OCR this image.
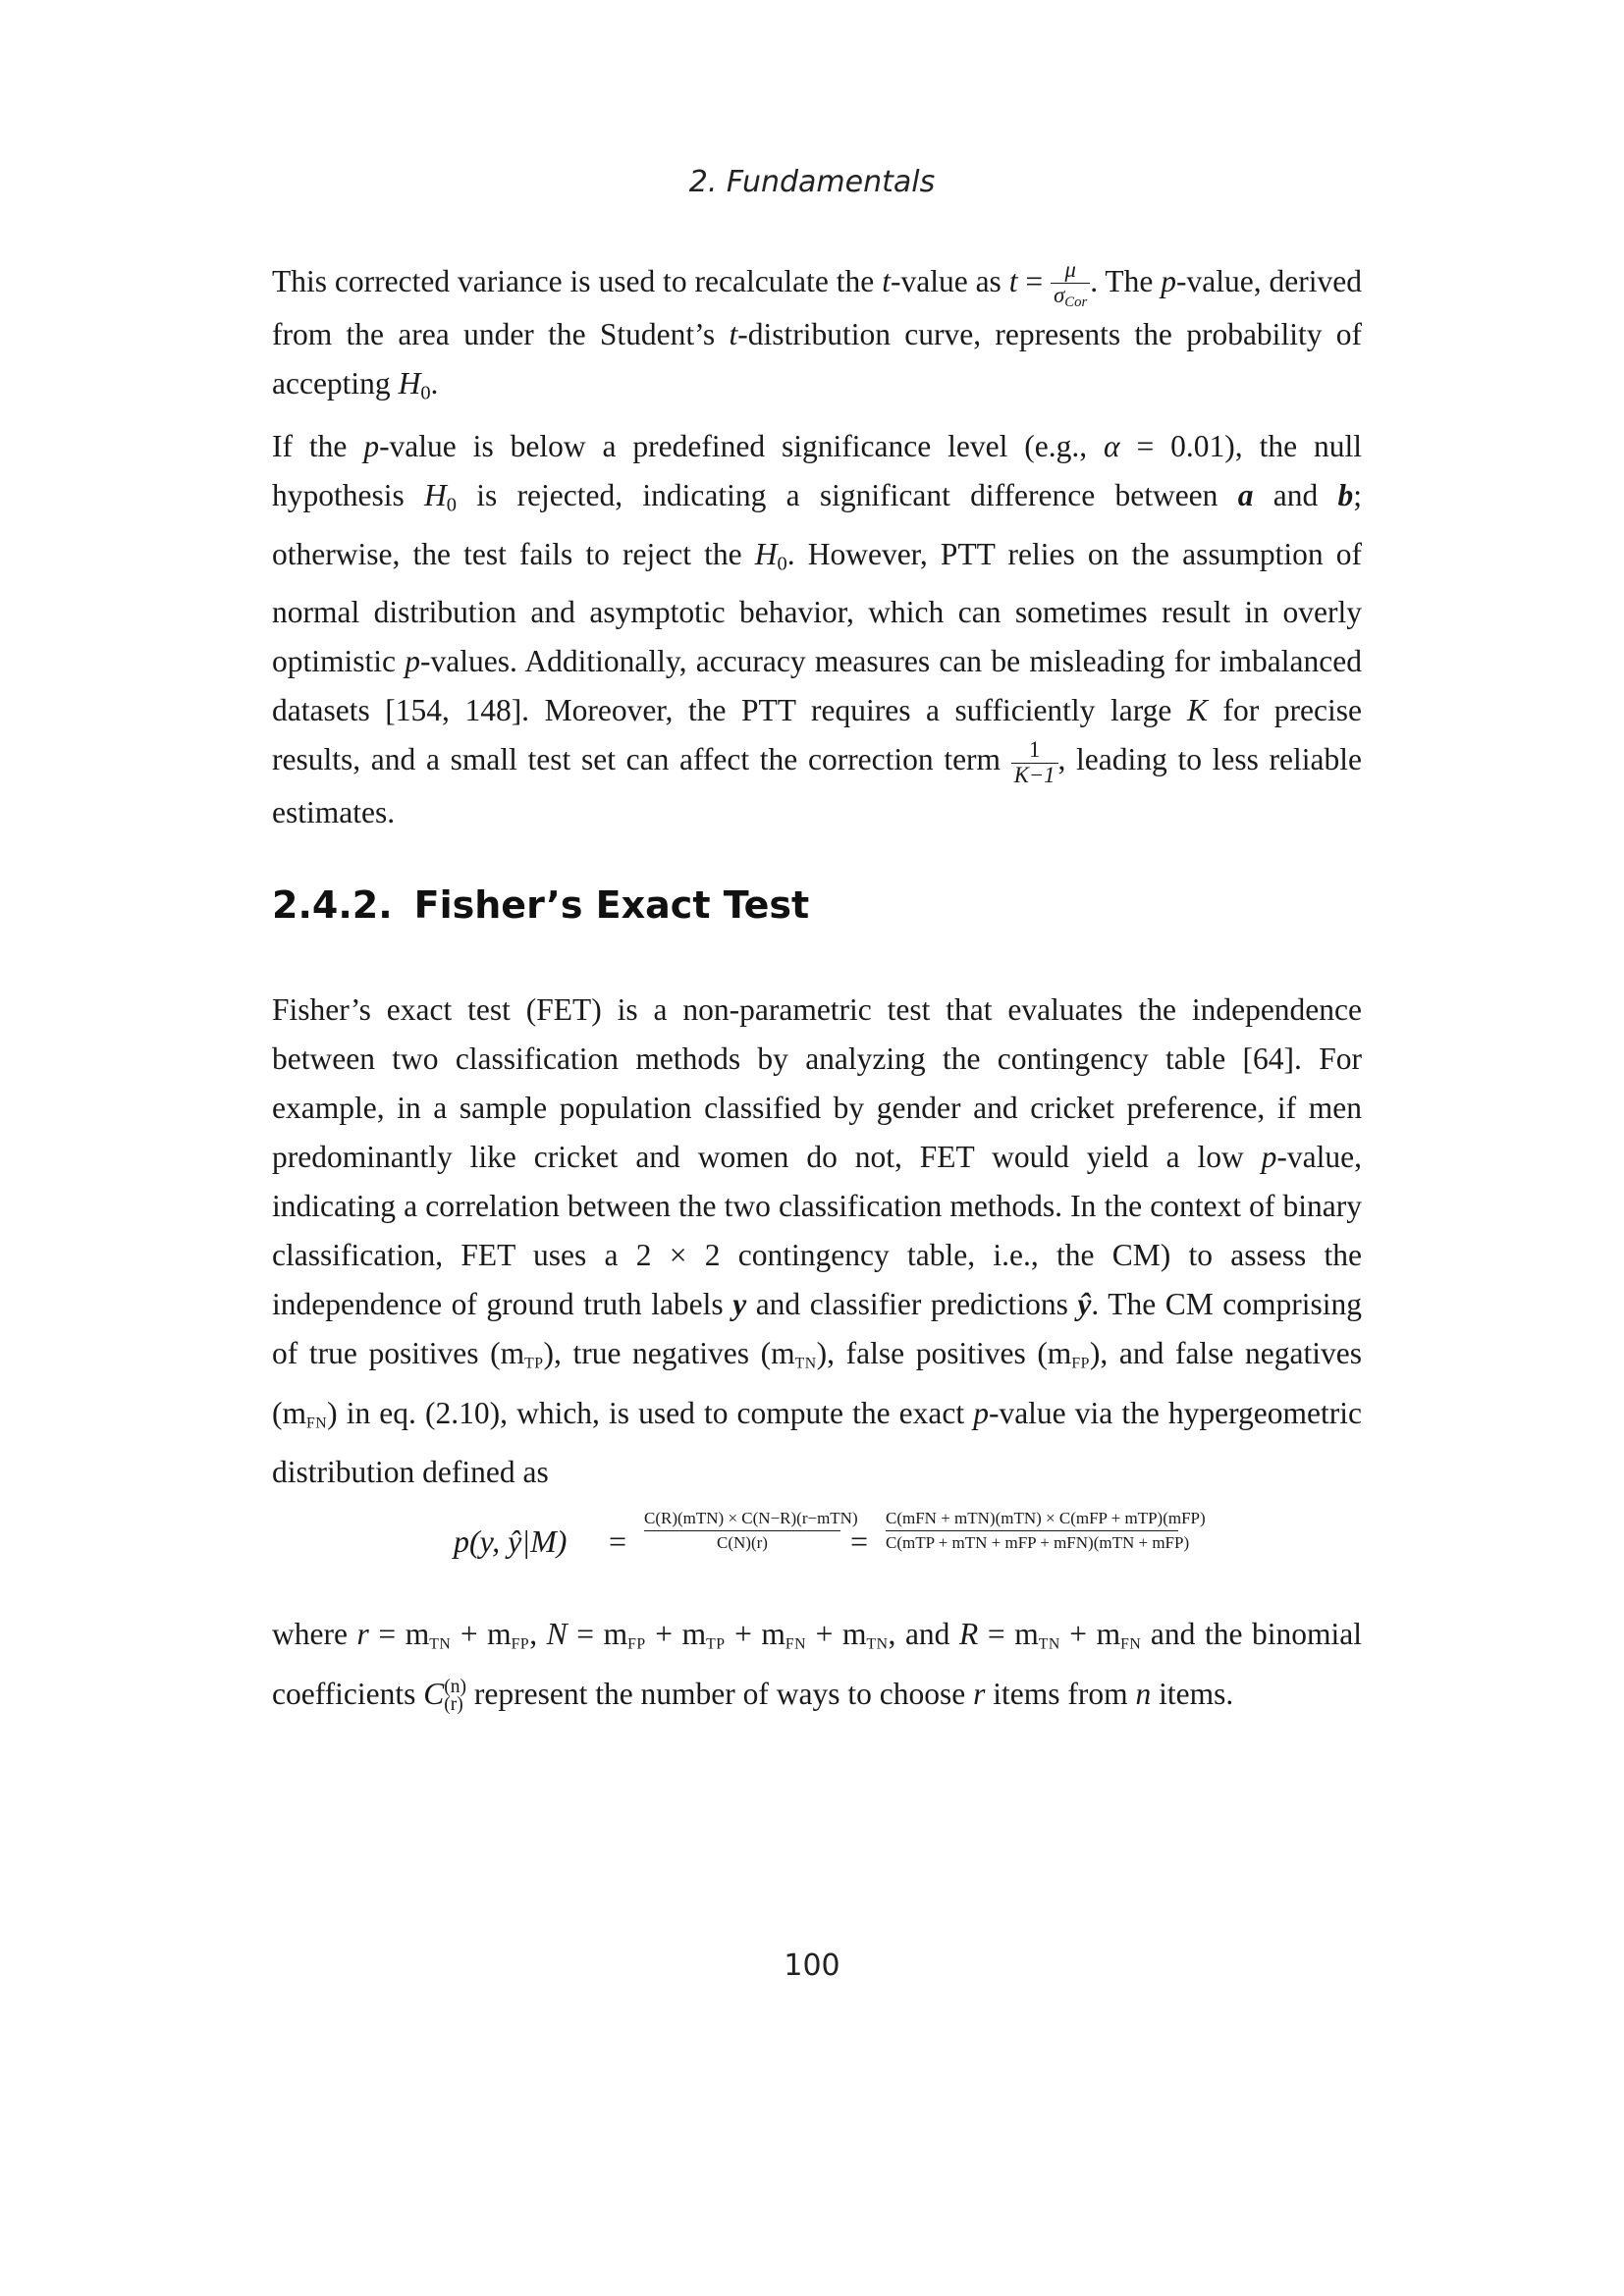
2. Fundamentals

This corrected variance is used to recalculate the t-value as $t = \frac{\mu}{\sigma_{Cor}}$ . The p-value, derived from the area under the Student’s t-distribution curve, represents the probability of accepting $H_0$.

If the p-value is below a predefined significance level (e.g., α = 0.01), the null hypothesis $H_0$ is rejected, indicating a significant difference between a and b; otherwise, the test fails to reject the $H_0$. However, PTT relies on the assumption of normal distribution and asymptotic behavior, which can sometimes result in overly optimistic p-values. Additionally, accuracy measures can be misleading for imbalanced datasets [154, 148]. Moreover, the PTT requires a sufficiently large K for precise results, and a small test set can affect the correction term $\frac{1}{K-1}$ , leading to less reliable estimates.

2.4.2. Fisher’s Exact Test

Fisher’s exact test (FET) is a non-parametric test that evaluates the independence between two classification methods by analyzing the contingency table [64]. For example, in a sample population classified by gender and cricket preference, if men predominantly like cricket and women do not, FET would yield a low p-value, indicating a correlation between the two classification methods. In the context of binary classification, FET uses a 2 × 2 contingency table, i.e., the CM) to assess the independence of ground truth labels y and classifier predictions ŷ. The CM comprising of true positives (mTP), true negatives (mTN), false positives (mFP), and false negatives (mFN) in eq. (2.10), which, is used to compute the exact p-value via the hypergeometric distribution defined as

p(y, ŷ|M) =
C(R)(mTN) × C(N−R)(r−mTN)
C(N)(r)	=
C(mFN + mTN)(mTN) × C(mFP + mTP)(mFP)
C(mTP + mTN + mFP + mFN)(mTN + mFP)

where r = mTN + mFP, N = mFP + mTP + mFN + mTN, and R = mTN + mFN and the binomial coefficients C (n)
(r) represent the number of ways to choose r items from n items.

100
